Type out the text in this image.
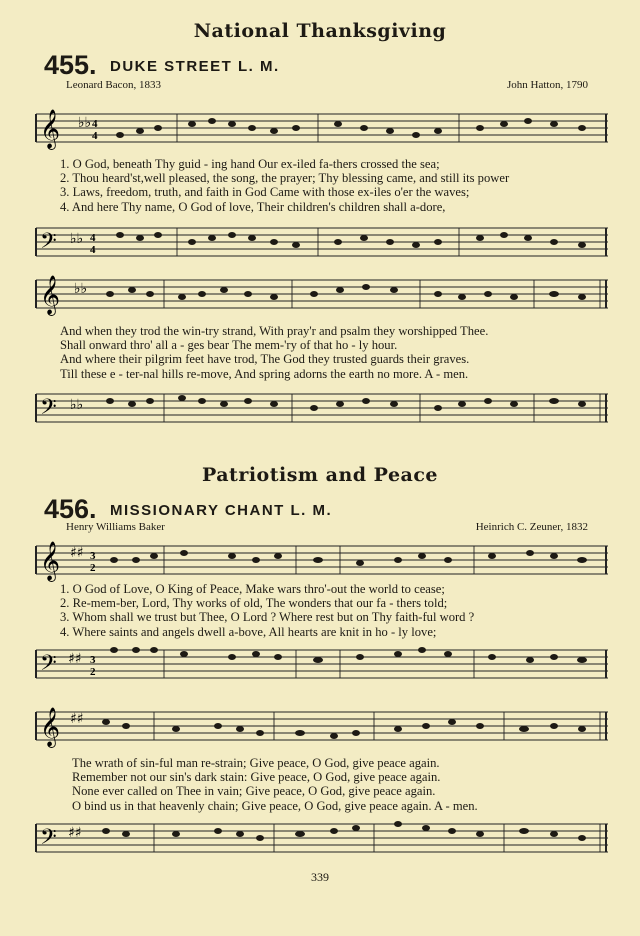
National Thanksgiving
455. DUKE STREET L. M.
Leonard Bacon, 1833	John Hatton, 1790
𝄞 ♭♭ 4
4
1. O God, beneath Thy guid - ing hand Our ex-iled fa-thers crossed the sea;
2. Thou heard'st,well pleased, the song, the prayer; Thy blessing came, and still its power
3. Laws, freedom, truth, and faith in God Came with those ex-iles o'er the waves;
4. And here Thy name, O God of love, Their children's children shall a-dore,
𝄢 ♭♭ 4
4
𝄞 ♭♭
And when they trod the win-try strand, With pray'r and psalm they worshipped Thee.
Shall onward thro' all a - ges bear The mem-'ry of that ho - ly hour.
And where their pilgrim feet have trod, The God they trusted guards their graves.
Till these e - ter-nal hills re-move, And spring adorns the earth no more. A - men.
𝄢 ♭♭
Patriotism and Peace
456. MISSIONARY CHANT L. M.
Henry Williams Baker	Heinrich C. Zeuner, 1832
𝄞 ♯♯ 3
2
1. O God of Love, O King of Peace, Make wars thro'-out the world to cease;
2. Re-mem-ber, Lord, Thy works of old, The wonders that our fa - thers told;
3. Whom shall we trust but Thee, O Lord ? Where rest but on Thy faith-ful word ?
4. Where saints and angels dwell a-bove, All hearts are knit in ho - ly love;
𝄢 ♯♯ 3
2
𝄞 ♯♯
The wrath of sin-ful man re-strain; Give peace, O God, give peace again.
Remember not our sin's dark stain: Give peace, O God, give peace again.
None ever called on Thee in vain; Give peace, O God, give peace again.
O bind us in that heavenly chain; Give peace, O God, give peace again. A - men.
𝄢 ♯♯
339
